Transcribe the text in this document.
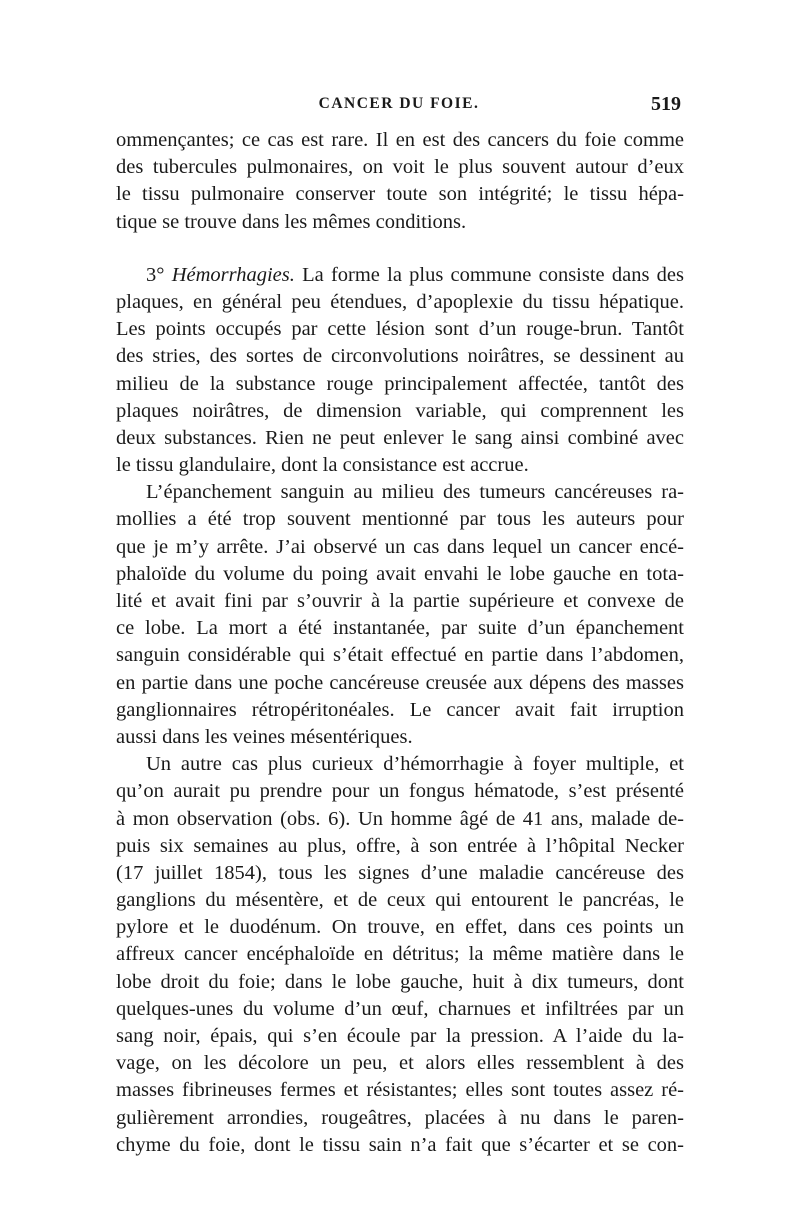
CANCER DU FOIE.	519
ommençantes; ce cas est rare. Il en est des cancers du foie comme
des tubercules pulmonaires, on voit le plus souvent autour d’eux
le tissu pulmonaire conserver toute son intégrité; le tissu hépa-
tique se trouve dans les mêmes conditions.
3° Hémorrhagies. La forme la plus commune consiste dans des
plaques, en général peu étendues, d’apoplexie du tissu hépatique.
Les points occupés par cette lésion sont d’un rouge-brun. Tantôt
des stries, des sortes de circonvolutions noirâtres, se dessinent au
milieu de la substance rouge principalement affectée, tantôt des
plaques noirâtres, de dimension variable, qui comprennent les
deux substances. Rien ne peut enlever le sang ainsi combiné avec
le tissu glandulaire, dont la consistance est accrue.
L’épanchement sanguin au milieu des tumeurs cancéreuses ra-
mollies a été trop souvent mentionné par tous les auteurs pour
que je m’y arrête. J’ai observé un cas dans lequel un cancer encé-
phaloïde du volume du poing avait envahi le lobe gauche en tota-
lité et avait fini par s’ouvrir à la partie supérieure et convexe de
ce lobe. La mort a été instantanée, par suite d’un épanchement
sanguin considérable qui s’était effectué en partie dans l’abdomen,
en partie dans une poche cancéreuse creusée aux dépens des masses
ganglionnaires rétropéritonéales. Le cancer avait fait irruption
aussi dans les veines mésentériques.
Un autre cas plus curieux d’hémorrhagie à foyer multiple, et
qu’on aurait pu prendre pour un fongus hématode, s’est présenté
à mon observation (obs. 6). Un homme âgé de 41 ans, malade de-
puis six semaines au plus, offre, à son entrée à l’hôpital Necker
(17 juillet 1854), tous les signes d’une maladie cancéreuse des
ganglions du mésentère, et de ceux qui entourent le pancréas, le
pylore et le duodénum. On trouve, en effet, dans ces points un
affreux cancer encéphaloïde en détritus; la même matière dans le
lobe droit du foie; dans le lobe gauche, huit à dix tumeurs, dont
quelques-unes du volume d’un œuf, charnues et infiltrées par un
sang noir, épais, qui s’en écoule par la pression. A l’aide du la-
vage, on les décolore un peu, et alors elles ressemblent à des
masses fibrineuses fermes et résistantes; elles sont toutes assez ré-
gulièrement arrondies, rougeâtres, placées à nu dans le paren-
chyme du foie, dont le tissu sain n’a fait que s’écarter et se con-
